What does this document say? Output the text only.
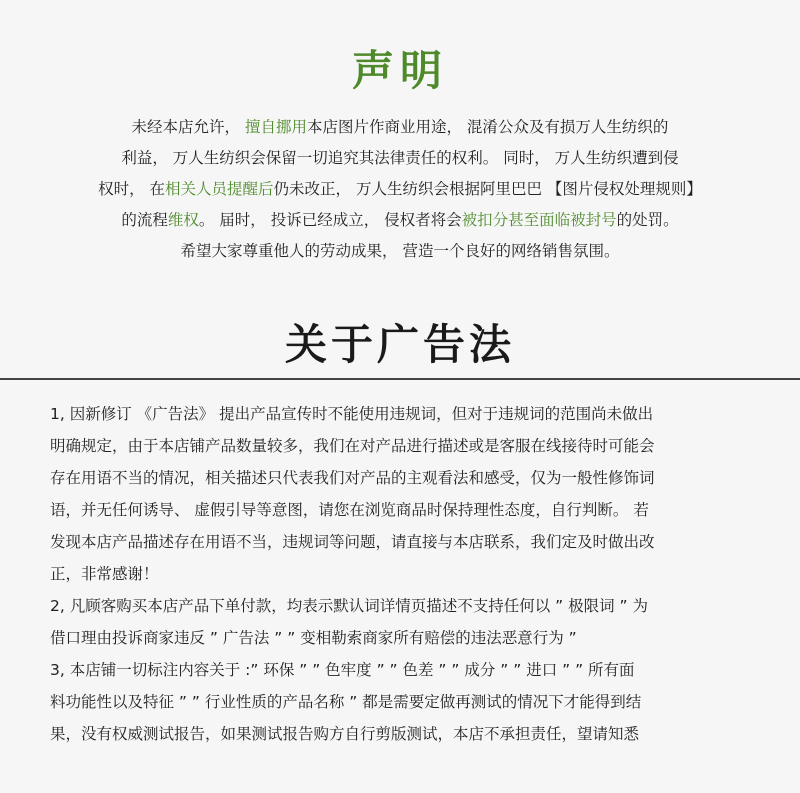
声明
未经本店允许， 擅自挪用本店图片作商业用途， 混淆公众及有损万人生纺织的
利益， 万人生纺织会保留一切追究其法律责任的权利。 同时， 万人生纺织遭到侵
权时， 在相关人员提醒后仍未改正， 万人生纺织会根据阿里巴巴 【图片侵权处理规则】
的流程维权。 届时， 投诉已经成立， 侵权者将会被扣分甚至面临被封号的处罚。
希望大家尊重他人的劳动成果， 营造一个良好的网络销售氛围。
关于广告法
1, 因新修订 《广告法》 提出产品宣传时不能使用违规词，但对于违规词的范围尚未做出
明确规定，由于本店铺产品数量较多，我们在对产品进行描述或是客服在线接待时可能会
存在用语不当的情况，相关描述只代表我们对产品的主观看法和感受，仅为一般性修饰词
语，并无任何诱导、 虚假引导等意图，请您在浏览商品时保持理性态度，自行判断。 若
发现本店产品描述存在用语不当，违规词等问题，请直接与本店联系，我们定及时做出改
正，非常感谢！
2, 凡顾客购买本店产品下单付款，均表示默认词详情页描述不支持任何以 ” 极限词 ” 为
借口理由投诉商家违反 ” 广告法 ” ” 变相勒索商家所有赔偿的违法恶意行为 ”
3, 本店铺一切标注内容关于 :” 环保 ” ” 色牢度 ” ” 色差 ” ” 成分 ” ” 进口 ” ” 所有面
料功能性以及特征 ” ” 行业性质的产品名称 ” 都是需要定做再测试的情况下才能得到结
果，没有权威测试报告，如果测试报告购方自行剪版测试，本店不承担责任，望请知悉
